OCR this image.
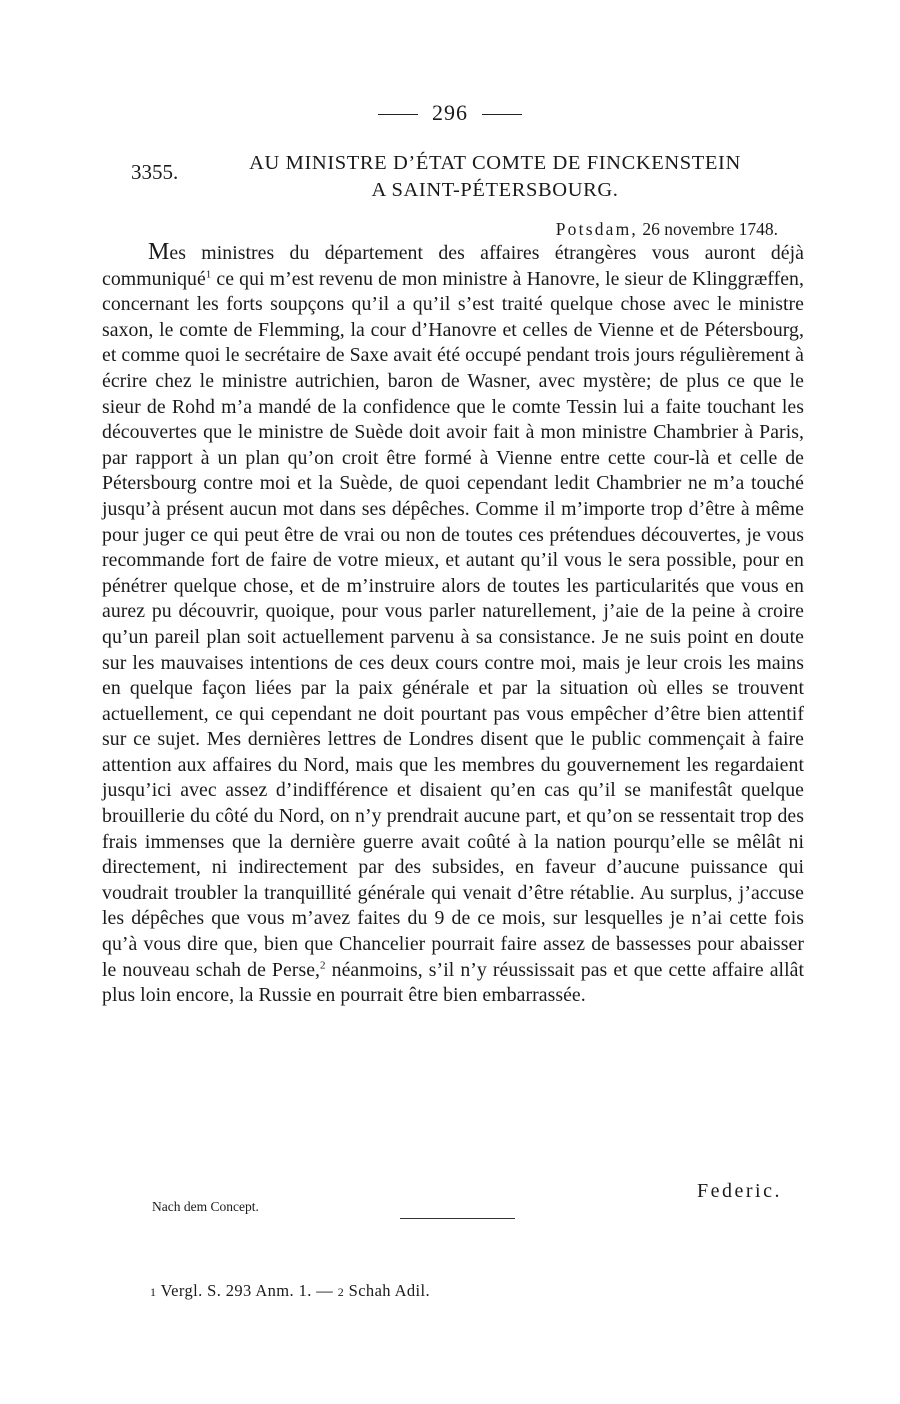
296
3355.	AU MINISTRE D’ÉTAT COMTE DE FINCKENSTEIN
A SAINT-PÉTERSBOURG.
Potsdam, 26 novembre 1748.

Mes ministres du département des affaires étrangères vous auront déjà communiqué$^1$ ce qui m’est revenu de mon ministre à Hanovre, le sieur de Klinggræffen, concernant les forts soupçons qu’il a qu’il s’est traité quelque chose avec le ministre saxon, le comte de Flemming, la cour d’Hanovre et celles de Vienne et de Pétersbourg, et comme quoi le secrétaire de Saxe avait été occupé pendant trois jours régulièrement à écrire chez le ministre autrichien, baron de Wasner, avec mystère; de plus ce que le sieur de Rohd m’a mandé de la confidence que le comte Tessin lui a faite touchant les découvertes que le ministre de Suède doit avoir fait à mon ministre Chambrier à Paris, par rapport à un plan qu’on croit être formé à Vienne entre cette cour-là et celle de Pétersbourg contre moi et la Suède, de quoi cependant ledit Chambrier ne m’a touché jusqu’à présent aucun mot dans ses dépêches. Comme il m’importe trop d’être à même pour juger ce qui peut être de vrai ou non de toutes ces prétendues découvertes, je vous recommande fort de faire de votre mieux, et autant qu’il vous le sera possible, pour en pénétrer quelque chose, et de m’instruire alors de toutes les particularités que vous en aurez pu découvrir, quoique, pour vous parler naturellement, j’aie de la peine à croire qu’un pareil plan soit actuellement parvenu à sa consistance. Je ne suis point en doute sur les mauvaises intentions de ces deux cours contre moi, mais je leur crois les mains en quelque façon liées par la paix générale et par la situation où elles se trouvent actuellement, ce qui cependant ne doit pourtant pas vous empêcher d’être bien attentif sur ce sujet. Mes dernières lettres de Londres disent que le public commençait à faire attention aux affaires du Nord, mais que les membres du gouvernement les regardaient jusqu’ici avec assez d’indifférence et disaient qu’en cas qu’il se manifestât quelque brouillerie du côté du Nord, on n’y prendrait aucune part, et qu’on se ressentait trop des frais immenses que la dernière guerre avait coûté à la nation pourqu’elle se mêlât ni directement, ni indirectement par des subsides, en faveur d’aucune puissance qui voudrait troubler la tranquillité générale qui venait d’être rétablie. Au surplus, j’accuse les dépêches que vous m’avez faites du 9 de ce mois, sur lesquelles je n’ai cette fois qu’à vous dire que, bien que Chancelier pourrait faire assez de bassesses pour abaisser le nouveau schah de Perse,$^2$ néanmoins, s’il n’y réussissait pas et que cette affaire allât plus loin encore, la Russie en pourrait être bien embarrassée.

Federic.
Nach dem Concept.
1 Vergl. S. 293 Anm. 1. — 2 Schah Adil.
